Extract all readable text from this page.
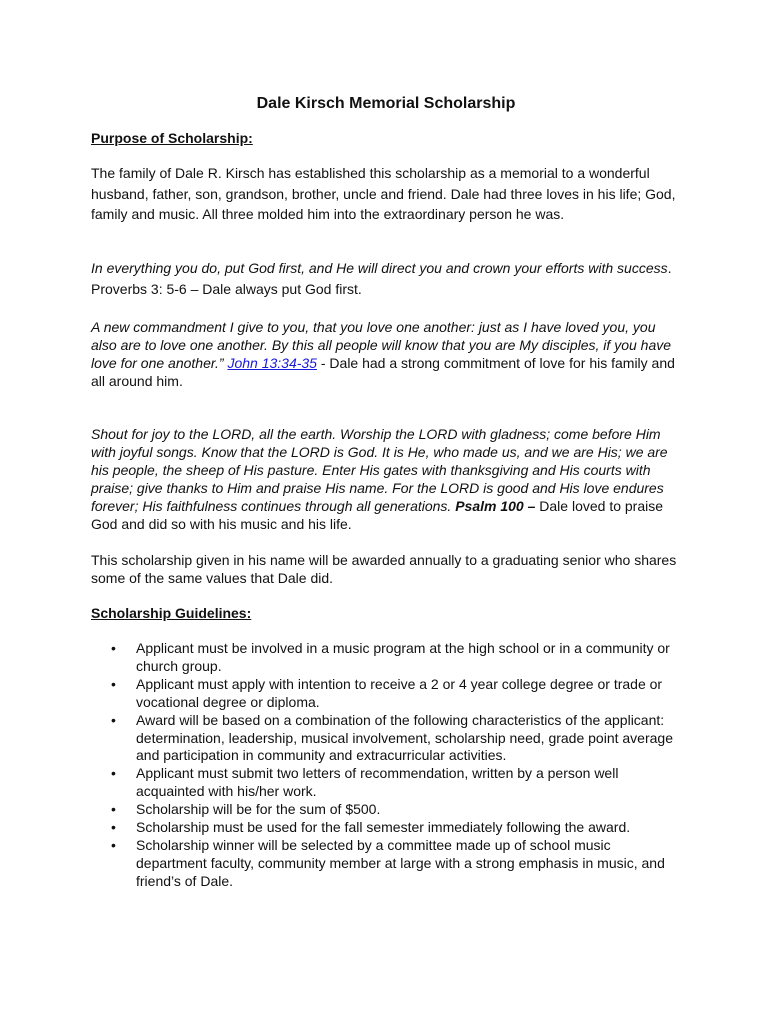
Dale Kirsch Memorial Scholarship

Purpose of Scholarship:

The family of Dale R. Kirsch has established this scholarship as a memorial to a wonderful husband, father, son, grandson, brother, uncle and friend. Dale had three loves in his life; God, family and music. All three molded him into the extraordinary person he was.

In everything you do, put God first, and He will direct you and crown your efforts with success. Proverbs 3: 5-6 – Dale always put God first.

A new commandment I give to you, that you love one another: just as I have loved you, you also are to love one another. By this all people will know that you are My disciples, if you have love for one another.” John 13:34-35 - Dale had a strong commitment of love for his family and all around him.

Shout for joy to the LORD, all the earth. Worship the LORD with gladness; come before Him with joyful songs. Know that the LORD is God. It is He, who made us, and we are His; we are his people, the sheep of His pasture. Enter His gates with thanksgiving and His courts with praise; give thanks to Him and praise His name. For the LORD is good and His love endures forever; His faithfulness continues through all generations. Psalm 100 – Dale loved to praise God and did so with his music and his life.

This scholarship given in his name will be awarded annually to a graduating senior who shares some of the same values that Dale did.

Scholarship Guidelines:

• Applicant must be involved in a music program at the high school or in a community or church group.
• Applicant must apply with intention to receive a 2 or 4 year college degree or trade or vocational degree or diploma.
• Award will be based on a combination of the following characteristics of the applicant: determination, leadership, musical involvement, scholarship need, grade point average and participation in community and extracurricular activities.
• Applicant must submit two letters of recommendation, written by a person well acquainted with his/her work.
• Scholarship will be for the sum of $500.
• Scholarship must be used for the fall semester immediately following the award.
• Scholarship winner will be selected by a committee made up of school music department faculty, community member at large with a strong emphasis in music, and friend’s of Dale.
